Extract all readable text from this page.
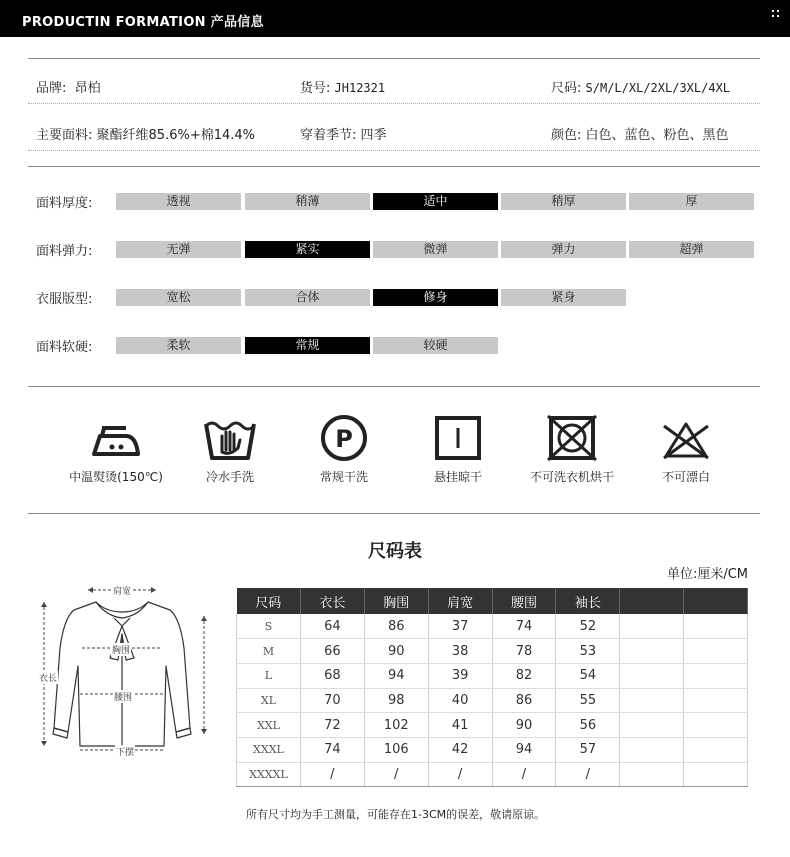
PRODUCTIN FORMATION 产品信息
品牌: 昂柏	货号: JH12321	尺码: S/M/L/XL/2XL/3XL/4XL
主要面料: 聚酯纤维85.6%+棉14.4%	穿着季节: 四季	颜色: 白色、蓝色、粉色、黑色
面料厚度:	透视	稍薄	适中	稍厚	厚
面料弹力:	无弹	紧实	微弹	弹力	超弹
衣服版型:	宽松	合体	修身	紧身
面料软硬:	柔软	常规	较硬
中温熨烫(150℃)	冷水手洗
P
常规干洗	悬挂晾干	不可洗衣机烘干	不可漂白
尺码表
单位:厘米/CM
肩宽
胸围
衣长
腰围
下摆
尺码	衣长	胸围	肩宽	腰围	袖长		
S	64	86	37	74	52		
M	66	90	38	78	53		
L	68	94	39	82	54		
XL	70	98	40	86	55		
XXL	72	102	41	90	56		
XXXL	74	106	42	94	57		
XXXXL	/	/	/	/	/		
所有尺寸均为手工测量，可能存在1-3CM的误差，敬请原谅。
